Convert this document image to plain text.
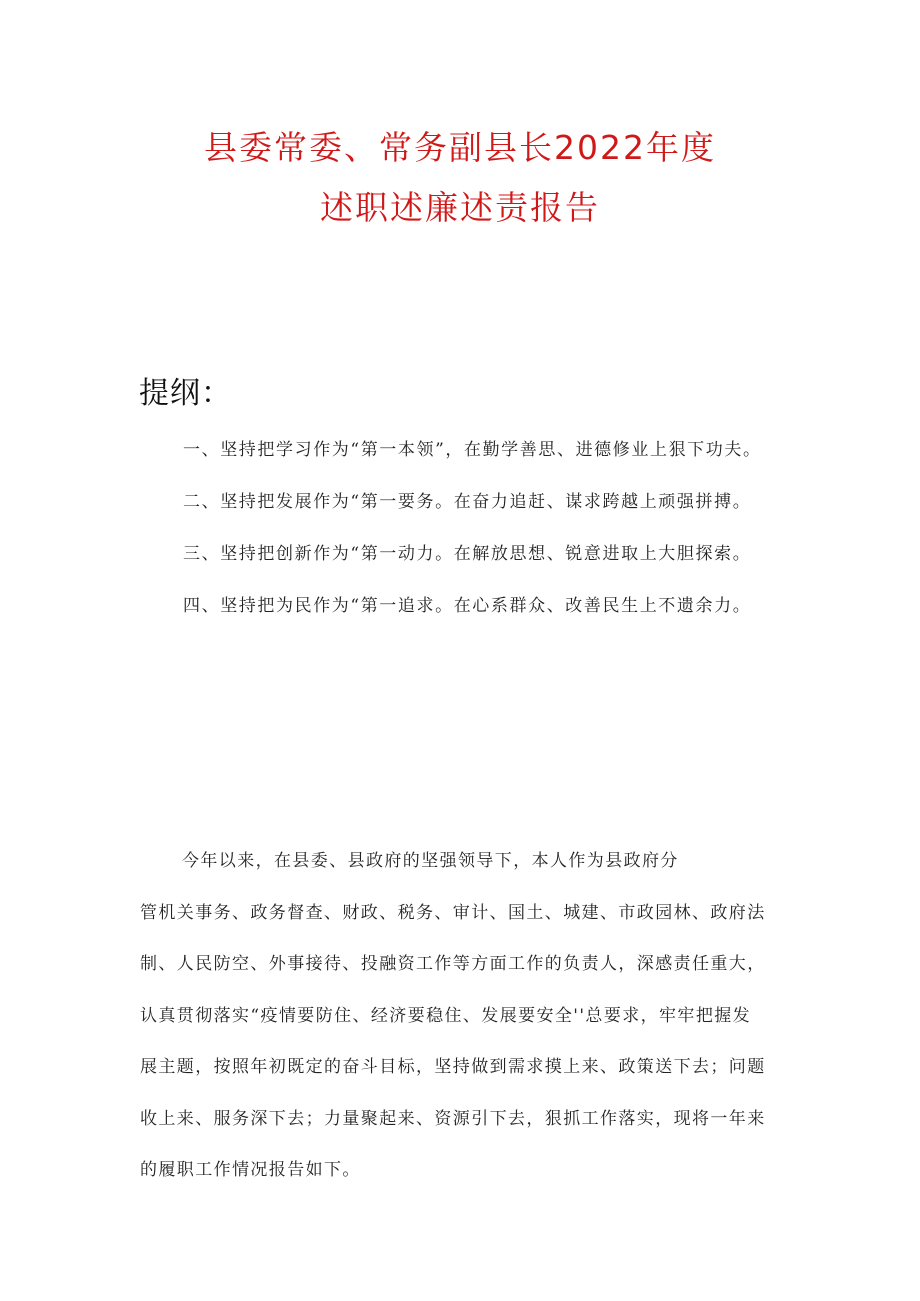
县委常委、常务副县长2022年度
述职述廉述责报告
提纲：
一、坚持把学习作为“第一本领”，在勤学善思、进德修业上狠下功夫。
二、坚持把发展作为“第一要务。在奋力追赶、谋求跨越上顽强拼搏。
三、坚持把创新作为“第一动力。在解放思想、锐意进取上大胆探索。
四、坚持把为民作为“第一追求。在心系群众、改善民生上不遗余力。
今年以来，在县委、县政府的坚强领导下，本人作为县政府分
管机关事务、政务督查、财政、税务、审计、国土、城建、市政园林、政府法
制、人民防空、外事接待、投融资工作等方面工作的负责人，深感责任重大，
认真贯彻落实“疫情要防住、经济要稳住、发展要安全''总要求，牢牢把握发
展主题，按照年初既定的奋斗目标，坚持做到需求摸上来、政策送下去；问题
收上来、服务深下去；力量聚起来、资源引下去，狠抓工作落实，现将一年来
的履职工作情况报告如下。
